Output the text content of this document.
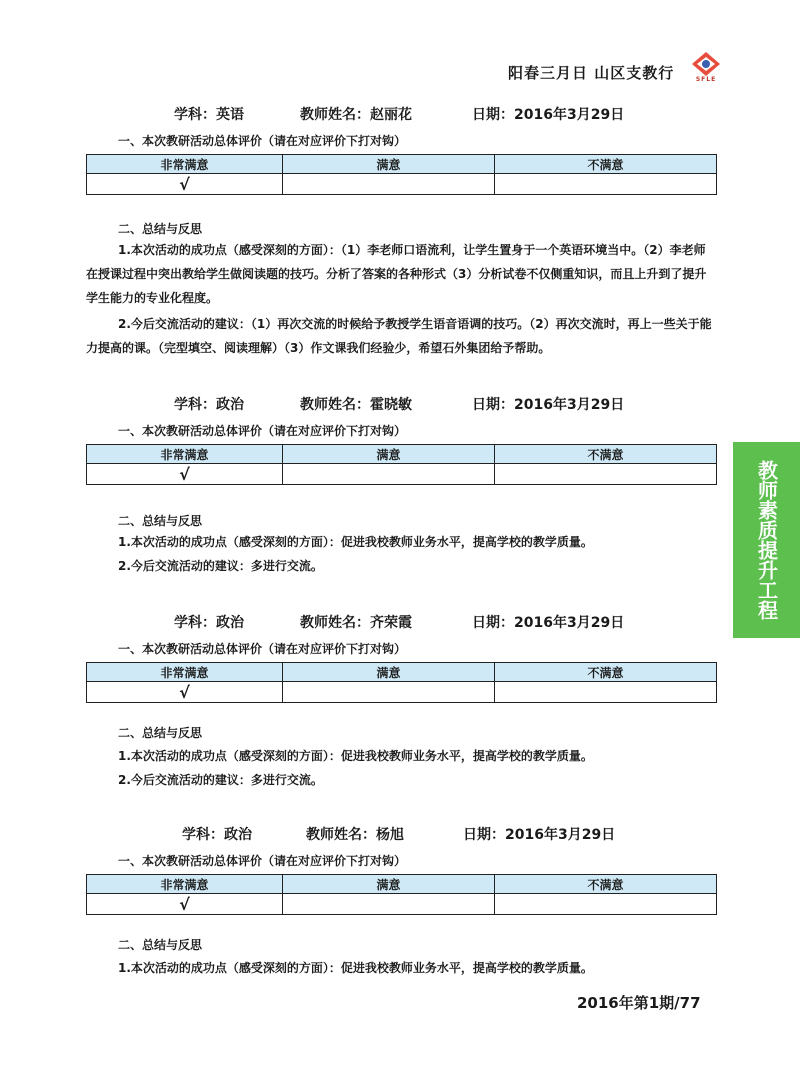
阳春三月日 山区支教行	SFLE
学科：英语	教师姓名：赵丽花	日期：2016年3月29日
一、本次教研活动总体评价（请在对应评价下打对钩）
非常满意	满意	不满意
√		
二、总结与反思
1.本次活动的成功点（感受深刻的方面）：（1）李老师口语流利，让学生置身于一个英语环境当中。（2）李老师在授课过程中突出教给学生做阅读题的技巧。分析了答案的各种形式（3）分析试卷不仅侧重知识，而且上升到了提升学生能力的专业化程度。
2.今后交流活动的建议：（1）再次交流的时候给予教授学生语音语调的技巧。（2）再次交流时，再上一些关于能力提高的课。（完型填空、阅读理解）（3）作文课我们经验少，希望石外集团给予帮助。
学科：政治	教师姓名：霍晓敏	日期：2016年3月29日
一、本次教研活动总体评价（请在对应评价下打对钩）
非常满意	满意	不满意
√		
二、总结与反思
1.本次活动的成功点（感受深刻的方面）：促进我校教师业务水平，提高学校的教学质量。
2.今后交流活动的建议：多进行交流。
学科：政治	教师姓名：齐荣霞	日期：2016年3月29日
一、本次教研活动总体评价（请在对应评价下打对钩）
非常满意	满意	不满意
√		
二、总结与反思
1.本次活动的成功点（感受深刻的方面）：促进我校教师业务水平，提高学校的教学质量。
2.今后交流活动的建议：多进行交流。
学科：政治	教师姓名：杨旭	日期：2016年3月29日
一、本次教研活动总体评价（请在对应评价下打对钩）
非常满意	满意	不满意
√		
二、总结与反思
1.本次活动的成功点（感受深刻的方面）：促进我校教师业务水平，提高学校的教学质量。
教师素质提升工程
2016年第1期/77
